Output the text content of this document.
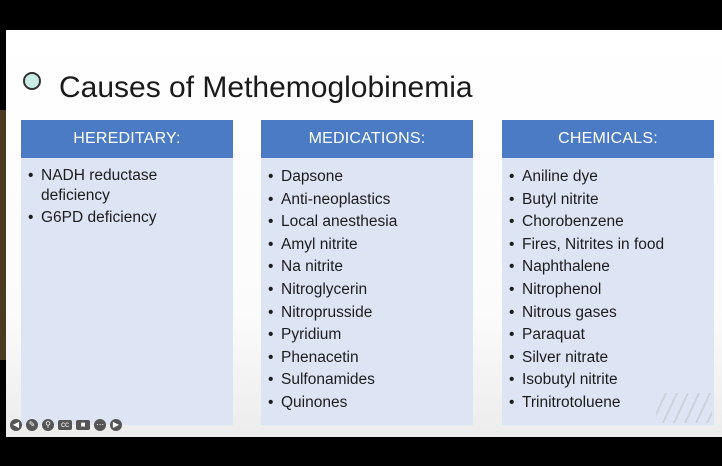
Causes of Methemoglobinemia
HEREDITARY:
• NADH reductase deficiency
• G6PD deficiency
MEDICATIONS:
• Dapsone
• Anti-neoplastics
• Local anesthesia
• Amyl nitrite
• Na nitrite
• Nitroglycerin
• Nitroprusside
• Pyridium
• Phenacetin
• Sulfonamides
• Quinones
CHEMICALS:
• Aniline dye
• Butyl nitrite
• Chorobenzene
• Fires, Nitrites in food
• Naphthalene
• Nitrophenol
• Nitrous gases
• Paraquat
• Silver nitrate
• Isobutyl nitrite
• Trinitrotoluene
◀	✎	⚲	cc	■	⋯	▶
